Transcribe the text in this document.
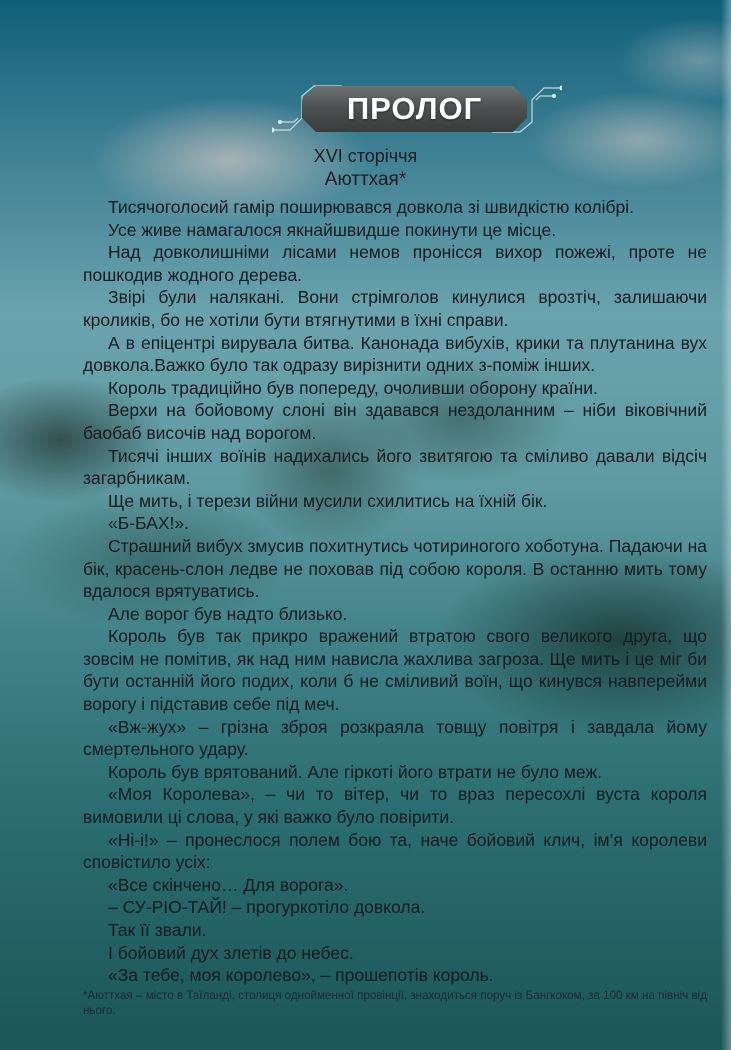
ПРОЛОГ
XVI сторіччя
Аюттхая*

Тисячоголосий гамір поширювався довкола зі швидкістю колібрі.

Усе живе намагалося якнайшвидше покинути це місце.

Над довколишніми лісами немов пронісся вихор пожежі, проте не пошкодив жодного дерева.

Звірі були налякані. Вони стрімголов кинулися врозтіч, залишаючи кроликів, бо не хотіли бути втягнутими в їхні справи.

А в епіцентрі вирувала битва. Канонада вибухів, крики та плутанина вух довкола.Важко було так одразу вирізнити одних з-поміж інших.

Король традиційно був попереду, очоливши оборону країни.

Верхи на бойовому слоні він здавався нездоланним – ніби віковічний баобаб височів над ворогом.

Тисячі інших воїнів надихались його звитягою та сміливо давали відсіч загарбникам.

Ще мить, і терези війни мусили схилитись на їхній бік.

«Б-БАХ!».

Страшний вибух змусив похитнутись чотириногого хоботуна. Падаючи на бік, красень-слон ледве не поховав під собою короля. В останню мить тому вдалося врятуватись.

Але ворог був надто близько.

Король був так прикро вражений втратою свого великого друга, що зовсім не помітив, як над ним нависла жахлива загроза. Ще мить і це міг би бути останній його подих, коли б не сміливий воїн, що кинувся навперейми ворогу і підставив себе під меч.

«Вж-жух» – грізна зброя розкраяла товщу повітря і завдала йому смертельного удару.

Король був врятований. Але гіркоті його втрати не було меж.

«Моя Королева», – чи то вітер, чи то враз пересохлі вуста короля вимовили ці слова, у які важко було повірити.

«Ні-і!» – пронеслося полем бою та, наче бойовий клич, ім’я королеви сповістило усіх:

«Все скінчено… Для ворога».

– СУ-РІО-ТАЙ! – прогуркотіло довкола.

Так її звали.

І бойовий дух злетів до небес.

«За тебе, моя королево», – прошепотів король.

*Аюттхая – місто в Таїланді, столиця однойменної провінції, знаходиться поруч із Бангкоком, за 100 км на північ від нього.
